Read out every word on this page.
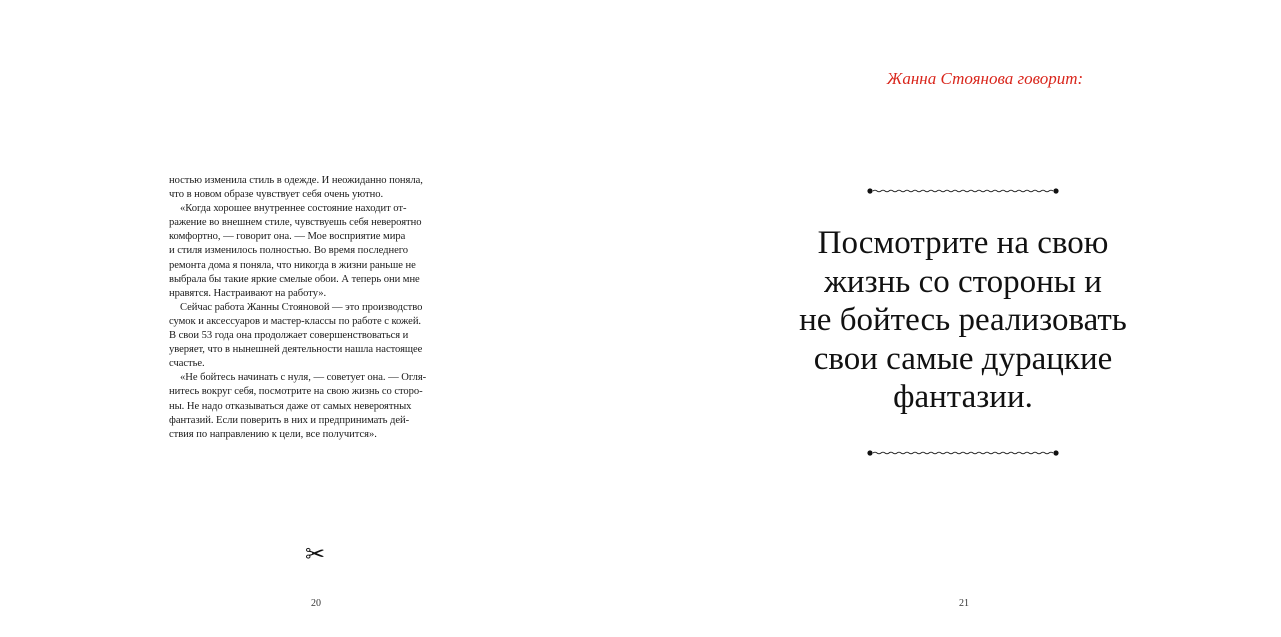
ностью изменила стиль в одежде. И неожиданно поняла,
что в новом образе чувствует себя очень уютно.
«Когда хорошее внутреннее состояние находит от-
ражение во внешнем стиле, чувствуешь себя невероятно
комфортно, — говорит она. — Мое восприятие мира
и стиля изменилось полностью. Во время последнего
ремонта дома я поняла, что никогда в жизни раньше не
выбрала бы такие яркие смелые обои. А теперь они мне
нравятся. Настраивают на работу».
Сейчас работа Жанны Стояновой — это производство
сумок и аксессуаров и мастер-классы по работе с кожей.
В свои 53 года она продолжает совершенствоваться и
уверяет, что в нынешней деятельности нашла настоящее
счастье.
«Не бойтесь начинать с нуля, — советует она. — Огля-
нитесь вокруг себя, посмотрите на свою жизнь со сторо-
ны. Не надо отказываться даже от самых невероятных
фантазий. Если поверить в них и предпринимать дей-
ствия по направлению к цели, все получится».
✂
20
Жанна Стоянова говорит:
Посмотрите на свою
жизнь со стороны и
не бойтесь реализовать
свои самые дурацкие
фантазии.
21
